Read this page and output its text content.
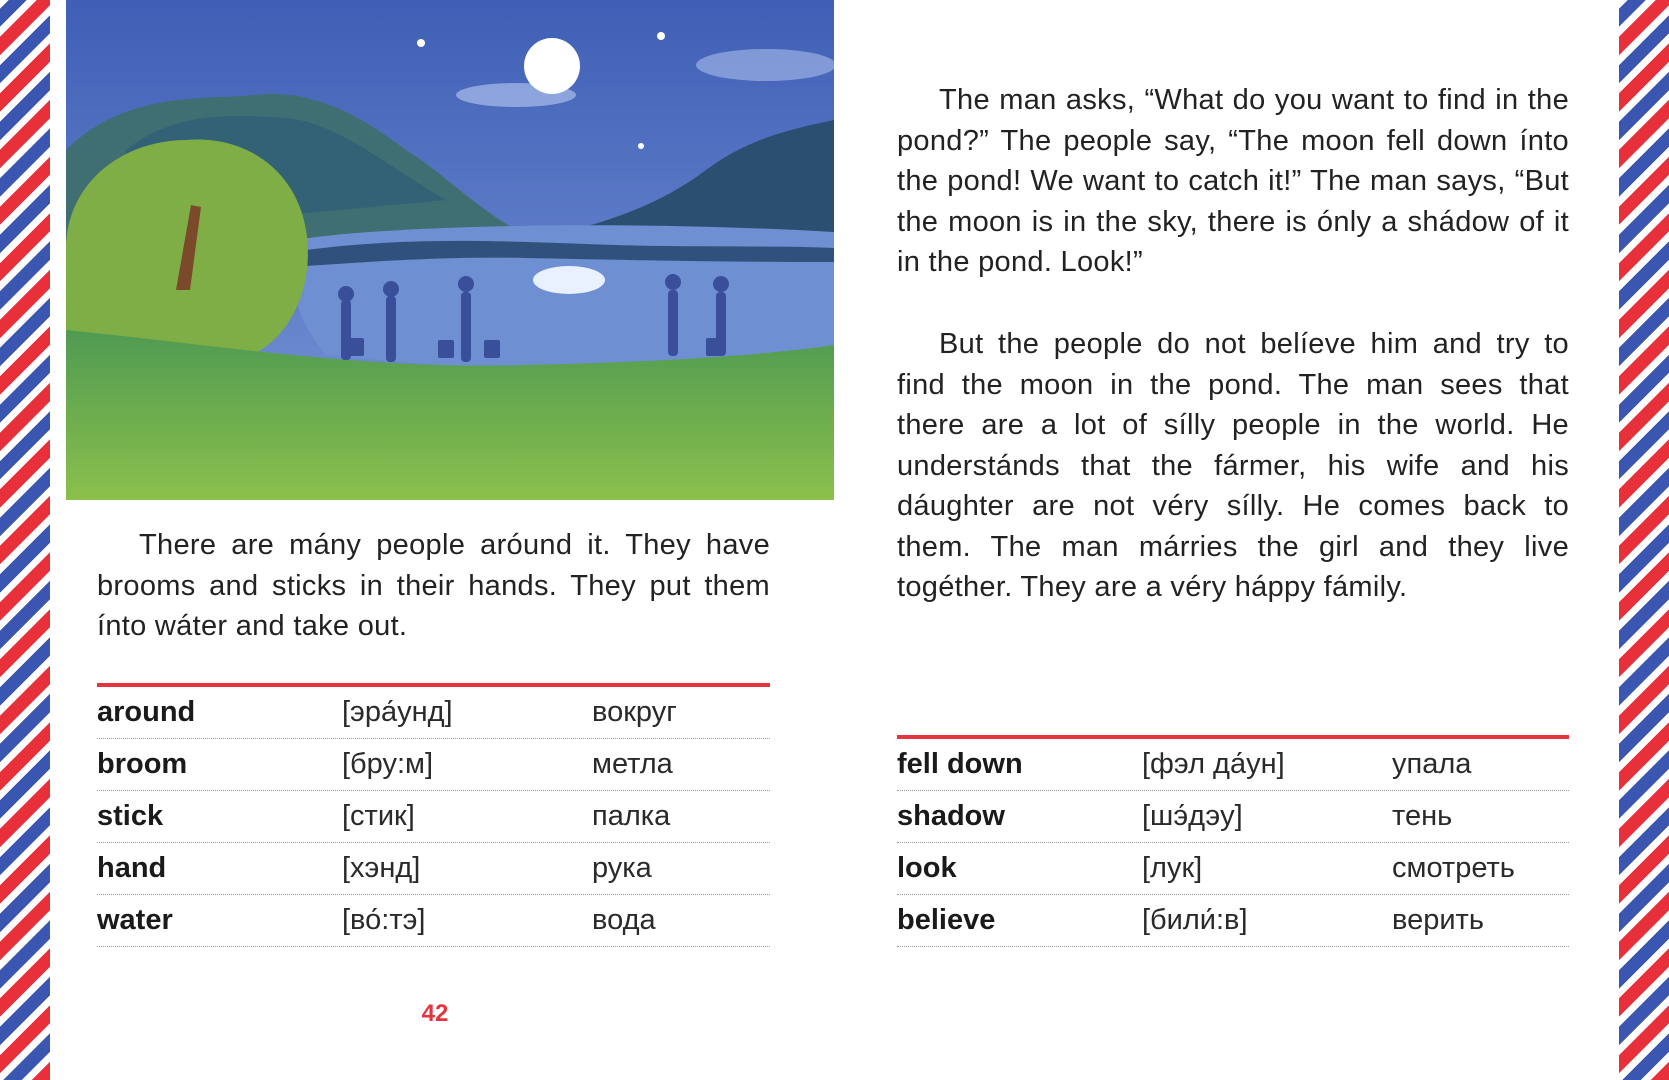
There are mány people aróund it. They have brooms and sticks in their hands. They put them ínto wáter and take out.

The man asks, “What do you want to find in the pond?” The people say, “The moon fell down ínto the pond! We want to catch it!” The man says, “But the moon is in the sky, there is ónly a shádow of it in the pond. Look!”

But the people do not belíeve him and try to find the moon in the pond. The man sees that there are a lot of sílly people in the world. He understánds that the fármer, his wife and his dáughter are not véry sílly. He comes back to them. The man márries the girl and they live togéther. They are a véry háppy fámily.

around	[эра́унд]	вокруг
broom	[бру:м]	метла
stick	[стик]	палка
hand	[хэнд]	рука
water	[во́:тэ]	вода
fell down	[фэл да́ун]	упала
shadow	[шэ́дэу]	тень
look	[лук]	смотреть
believe	[били́:в]	верить
42
